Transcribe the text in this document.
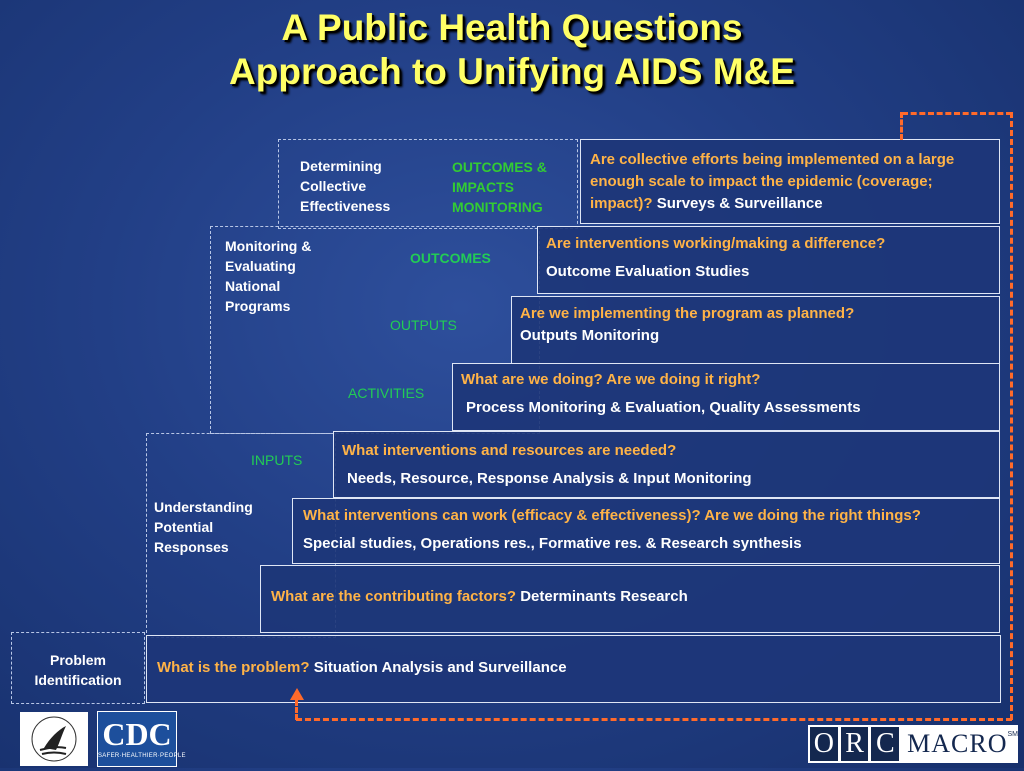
A Public Health Questions
Approach to Unifying AIDS M&E
Determining Collective Effectiveness
Monitoring & Evaluating National Programs
Understanding Potential Responses
Problem Identification
OUTCOMES & IMPACTS MONITORING
OUTCOMES
OUTPUTS
ACTIVITIES
INPUTS
Are collective efforts being implemented on a large enough scale to impact the epidemic (coverage; impact)? Surveys & Surveillance
Are interventions working/making a difference?
Outcome Evaluation Studies
Are we implementing the program as planned?
Outputs Monitoring
What are we doing? Are we doing it right?
Process Monitoring & Evaluation, Quality Assessments
What interventions and resources are needed?
Needs, Resource, Response Analysis & Input Monitoring
What interventions can work (efficacy & effectiveness)? Are we doing the right things?
Special studies, Operations res., Formative res. & Research synthesis
What are the contributing factors? Determinants Research
What is the problem? Situation Analysis and Surveillance
CDC
SAFER·HEALTHIER·PEOPLE	O R C MACRO SM
